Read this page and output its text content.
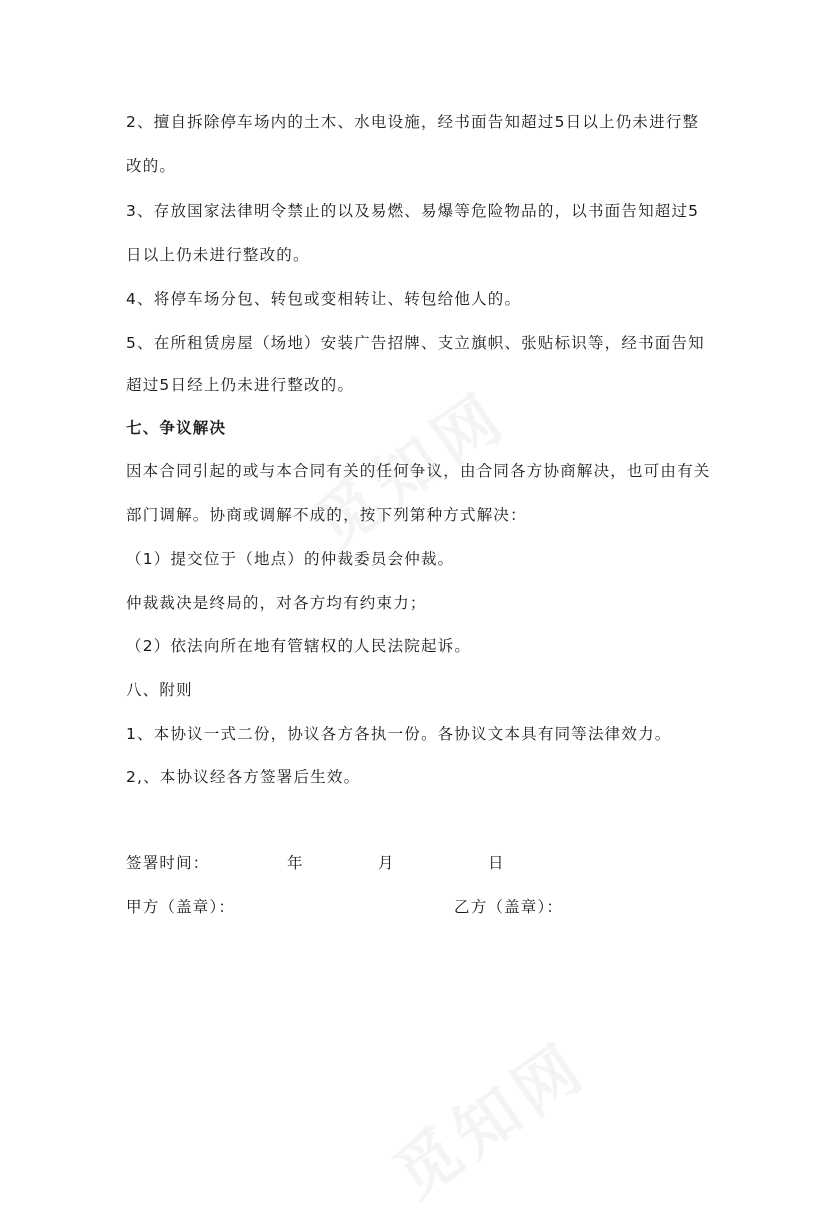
2、擅自拆除停车场内的土木、水电设施，经书面告知超过5日以上仍未进行整
改的。
3、存放国家法律明令禁止的以及易燃、易爆等危险物品的，以书面告知超过5
日以上仍未进行整改的。
4、将停车场分包、转包或变相转让、转包给他人的。
5、在所租赁房屋（场地）安装广告招牌、支立旗帜、张贴标识等，经书面告知
超过5日经上仍未进行整改的。
七、争议解决
因本合同引起的或与本合同有关的任何争议，由合同各方协商解决，也可由有关
部门调解。协商或调解不成的，按下列第种方式解决：
（1）提交位于（地点）的仲裁委员会仲裁。
仲裁裁决是终局的，对各方均有约束力；
（2）依法向所在地有管辖权的人民法院起诉。
八、附则
1、本协议一式二份，协议各方各执一份。各协议文本具有同等法律效力。
2,、本协议经各方签署后生效。
签署时间：	年	月	日
甲方（盖章）：	乙方（盖章）：
